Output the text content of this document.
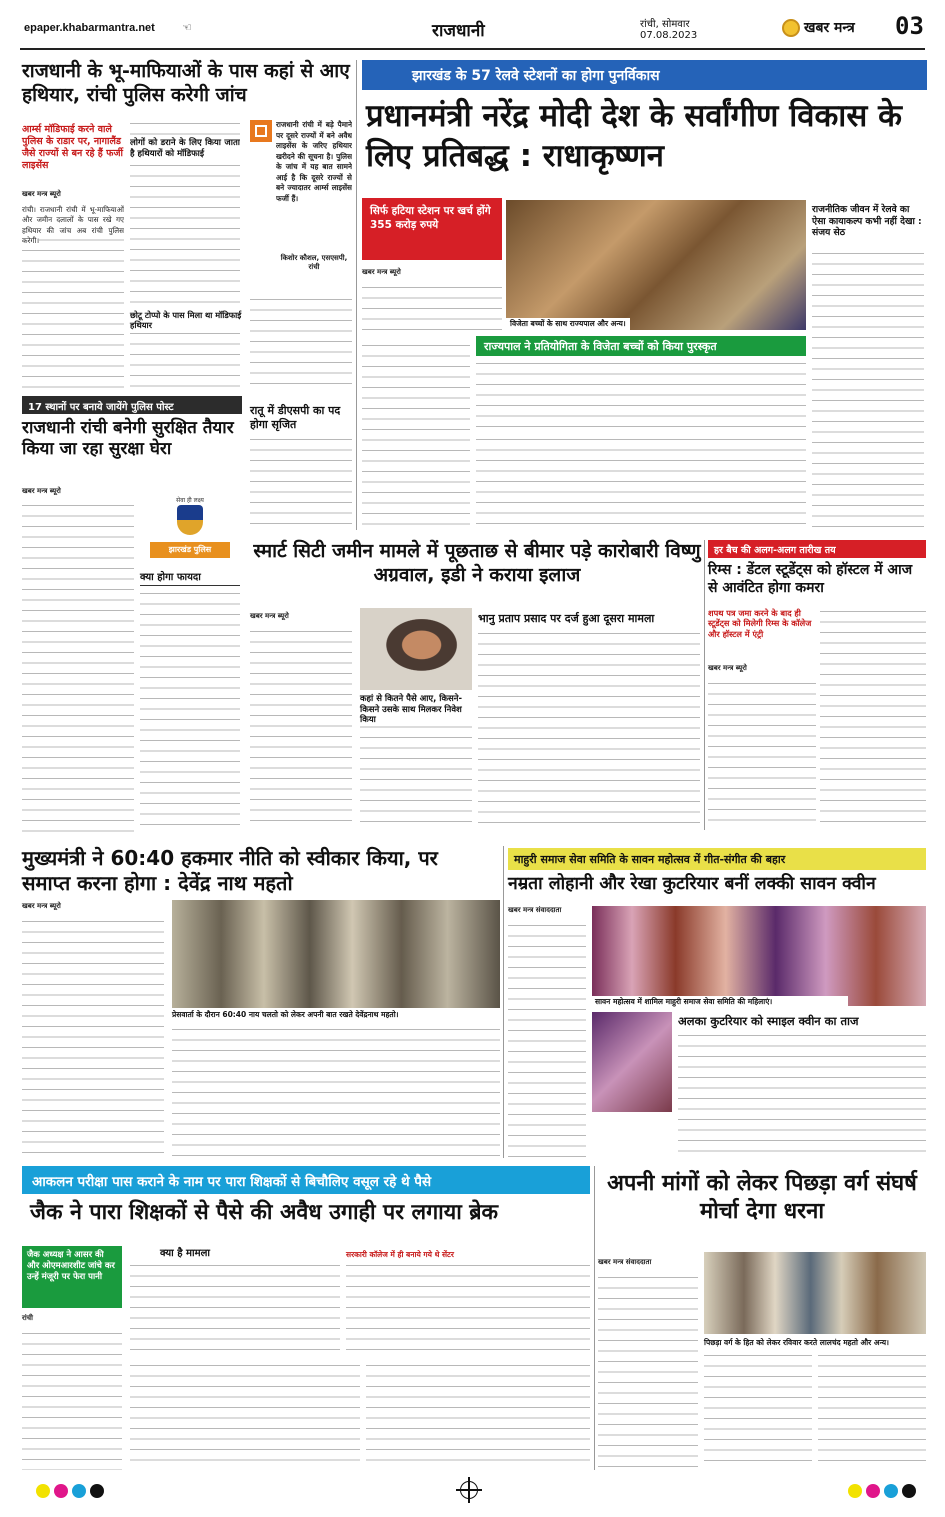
epaper.khabarmantra.net ☜	राजधानी	रांची, सोमवार
07.08.2023	खबर मन्त्र 03
राजधानी के भू-माफियाओं के पास कहां से आए हथियार, रांची पुलिस करेगी जांच
आर्म्स मॉडिफाई करने वाले पुलिस के राडार पर, नागालैंड जैसे राज्यों से बन रहे हैं फर्जी लाइसेंस
खबर मन्त्र ब्यूरो
रांची। राजधानी रांची में भू-माफियाओं और जमीन दलालों के पास रखे गए हथियार की जांच अब रांची पुलिस करेगी।
लोगों को डराने के लिए किया जाता है हथियारों को मॉडिफाई
राजधानी रांची में बड़े पैमाने पर दूसरे राज्यों में बने अवैध लाइसेंस के जरिए हथियार खरीदने की सूचना है। पुलिस के जांच में यह बात सामने आई है कि दूसरे राज्यों से बने ज्यादातर आर्म्स लाइसेंस फर्जी हैं।
किशोर कौशल, एसएसपी, रांची
छोटू टोप्पो के पास मिला था मॉडिफाई हथियार
17 स्थानों पर बनाये जायेंगे पुलिस पोस्ट
राजधानी रांची बनेगी सुरक्षित तैयार किया जा रहा सुरक्षा घेरा
खबर मन्त्र ब्यूरो
सेवा ही लक्ष्य
झारखंड पुलिस
क्या होगा फायदा
रातू में डीएसपी का पद होगा सृजित
झारखंड के 57 रेलवे स्टेशनों का होगा पुनर्विकास
प्रधानमंत्री नरेंद्र मोदी देश के सर्वांगीण विकास के लिए प्रतिबद्ध : राधाकृष्णन
सिर्फ हटिया स्टेशन पर खर्च होंगे 355 करोड़ रुपये
खबर मन्त्र ब्यूरो
विजेता बच्चों के साथ राज्यपाल और अन्य।
राज्यपाल ने प्रतियोगिता के विजेता बच्चों को किया पुरस्कृत
राजनीतिक जीवन में रेलवे का ऐसा कायाकल्प कभी नहीं देखा : संजय सेठ
स्मार्ट सिटी जमीन मामले में पूछताछ से बीमार पड़े कारोबारी विष्णु अग्रवाल, इडी ने कराया इलाज
खबर मन्त्र ब्यूरो
कहां से कितने पैसे आए, किसने-किसने उसके साथ मिलकर निवेश किया
भानु प्रताप प्रसाद पर दर्ज हुआ दूसरा मामला
हर बैच की अलग-अलग तारीख तय
रिम्स : डेंटल स्टूडेंट्स को हॉस्टल में आज से आवंटित होगा कमरा
शपथ पत्र जमा करने के बाद ही स्टूडेंट्स को मिलेगी रिम्स के कॉलेज और हॉस्टल में एंट्री
खबर मन्त्र ब्यूरो
मुख्यमंत्री ने 60:40 हकमार नीति को स्वीकार किया, पर समाप्त करना होगा : देवेंद्र नाथ महतो
खबर मन्त्र ब्यूरो
प्रेसवार्ता के दौरान 60:40 नाय चलतो को लेकर अपनी बात रखते देवेंद्रनाथ महतो।
माहुरी समाज सेवा समिति के सावन महोत्सव में गीत-संगीत की बहार
नम्रता लोहानी और रेखा कुटरियार बनीं लक्की सावन क्वीन
खबर मन्त्र संवाददाता
सावन महोत्सव में शामिल माहुरी समाज सेवा समिति की महिलाएं।
अलका कुटरियार को स्माइल क्वीन का ताज
आकलन परीक्षा पास कराने के नाम पर पारा शिक्षकों से बिचौलिए वसूल रहे थे पैसे
जैक ने पारा शिक्षकों से पैसे की अवैध उगाही पर लगाया ब्रेक
जैक अध्यक्ष ने आसर की और ओएमआरशीट जांचे कर उन्हें मंजूरी पर फेरा पानी
रांची
क्या है मामला	सरकारी कॉलेज में ही बनाये गये थे सेंटर
अपनी मांगों को लेकर पिछड़ा वर्ग संघर्ष मोर्चा देगा धरना
खबर मन्त्र संवाददाता
पिछड़ा वर्ग के हित को लेकर रविवार करते लालचंद महतो और अन्य।
